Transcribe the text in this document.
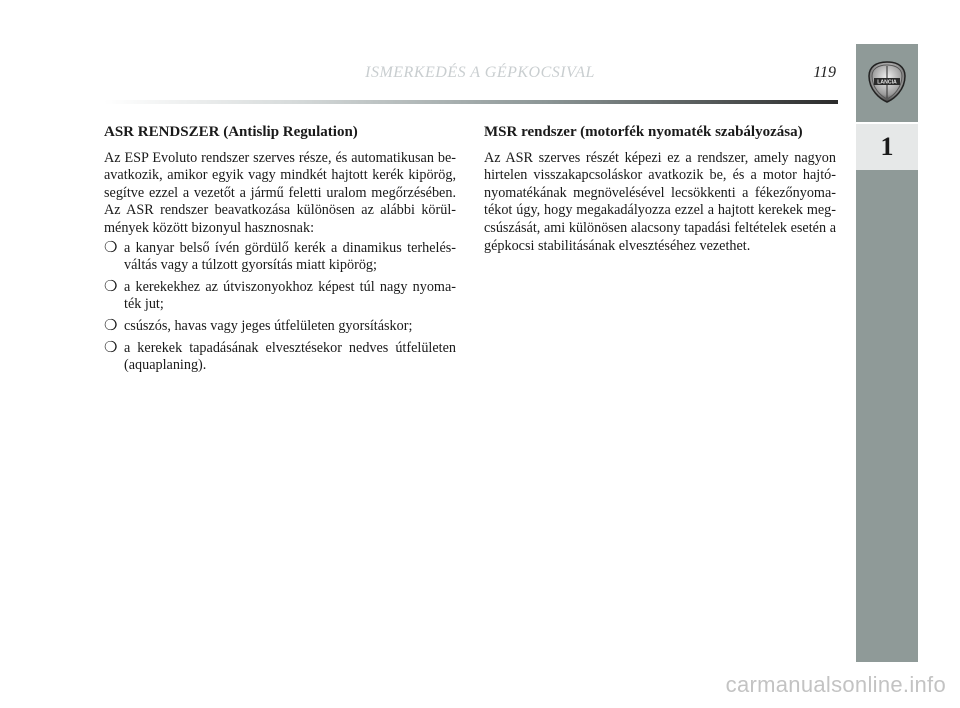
ISMERKEDÉS A GÉPKOCSIVAL	119
LANCIA
1
ASR RENDSZER (Antislip Regulation)

Az ESP Evoluto rendszer szerves része, és automatikusan be-avatkozik, amikor egyik vagy mindkét hajtott kerék kipörög, segítve ezzel a vezetőt a jármű feletti uralom megőrzésében. Az ASR rendszer beavatkozása különösen az alábbi körül-mények között bizonyul hasznosnak:

❍ a kanyar belső ívén gördülő kerék a dinamikus terhelés-váltás vagy a túlzott gyorsítás miatt kipörög;
❍ a kerekekhez az útviszonyokhoz képest túl nagy nyoma-ték jut;
❍ csúszós, havas vagy jeges útfelületen gyorsításkor;
❍ a kerekek tapadásának elvesztésekor nedves útfelületen (aquaplaning).
MSR rendszer (motorfék nyomaték szabályozása)

Az ASR szerves részét képezi ez a rendszer, amely nagyon hirtelen visszakapcsoláskor avatkozik be, és a motor hajtó-nyomatékának megnövelésével lecsökkenti a fékezőnyoma-tékot úgy, hogy megakadályozza ezzel a hajtott kerekek meg-csúszását, ami különösen alacsony tapadási feltételek esetén a gépkocsi stabilitásának elvesztéséhez vezethet.

carmanualsonline.info
